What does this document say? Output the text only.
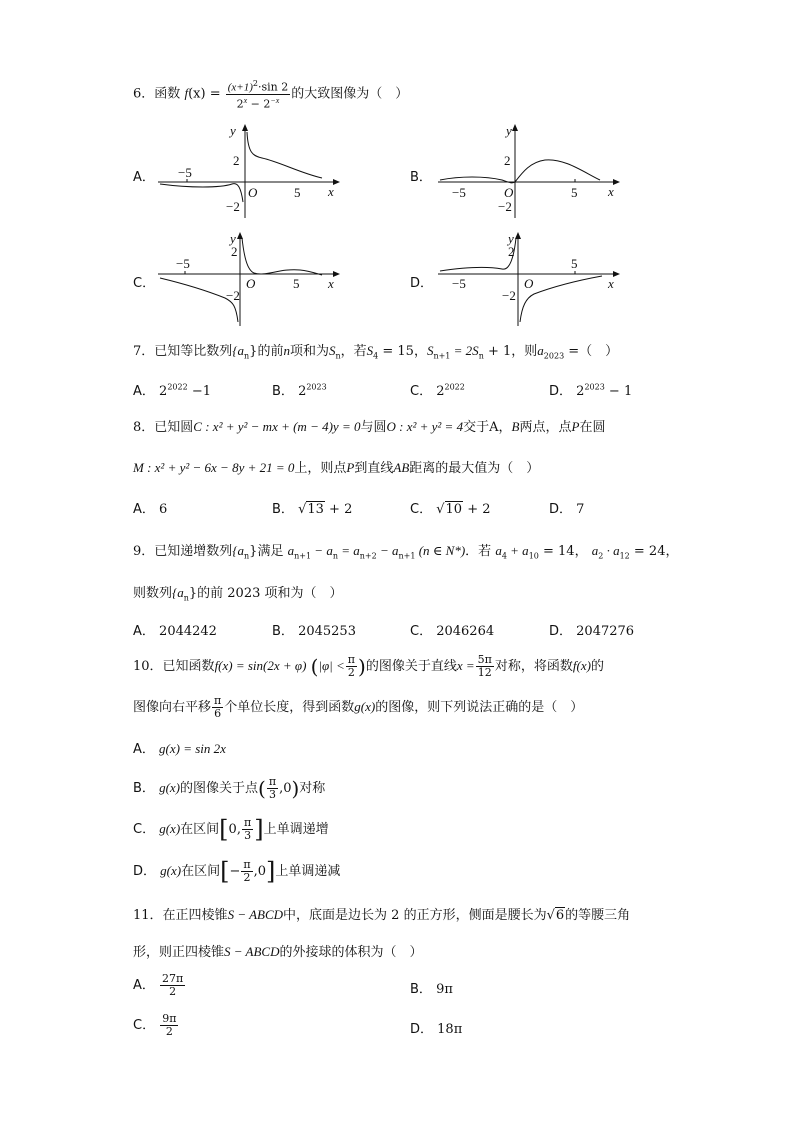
6．函数 $f(x) = \frac{(x+1)^2\cdot\sin 2}{2^x - 2^{-x}}$ 的大致图像为（　）
A．	B．
C．	D．
y
x
O
2
−2
5
−5
y
x
O
2
−2
5
−5
y
x
O
2
−2
5
−5
y
x
O
2
−2
5
−5
7．已知等比数列$\{a_n\}$的前n项和为$S_n$，若$S_4 = 15$，$S_{n+1} = 2S_n + 1$，则$a_{2023}$ =（　）
A． $2^{2022} -1$	B． $2^{2023}$	C． $2^{2022}$	D． $2^{2023} - 1$
8．已知圆C : x² + y² − mx + (m − 4)y = 0与圆O : x² + y² = 4交于A，B两点，点P在圆
M : x² + y² − 6x − 8y + 21 = 0上，则点P到直线AB距离的最大值为（　）
A． 6	B． √13 + 2	C． √10 + 2	D． 7
9．已知递增数列$\{a_n\}$满足 $a_{n+1} - a_n = a_{n+2} - a_{n+1}$ (n ∈ N*)．若 $a_4 + a_{10} = 14$， $a_2 \cdot a_{12} = 24$，
则数列$\{a_n\}$的前 2023 项和为（　）
A． 2044242	B． 2045253	C． 2046264	D． 2047276
10．已知函数f(x) = sin(2x + φ) ($|\varphi| < \frac{\pi}{2}$ )的图像关于直线$x = \frac{5\pi}{12}$ 对称，将函数f(x)的
图像向右平移 $\frac{\pi}{6}$ 个单位长度，得到函数g(x)的图像，则下列说法正确的是（　）
A． g(x) = sin 2x
B． g(x)的图像关于点( $\frac{\pi}{3} ,0$)对称
C． g(x)在区间[0, $\frac{\pi}{3}$ ]上单调递增
D． g(x)在区间[− $\frac{\pi}{2} ,0$]上单调递减
11．在正四棱锥S − ABCD中，底面是边长为 2 的正方形，侧面是腰长为√6的等腰三角
形，则正四棱锥S − ABCD的外接球的体积为（　）
A． $\frac{27\pi}{2}$	B． 9π
C． $\frac{9\pi}{2}$	D． 18π
